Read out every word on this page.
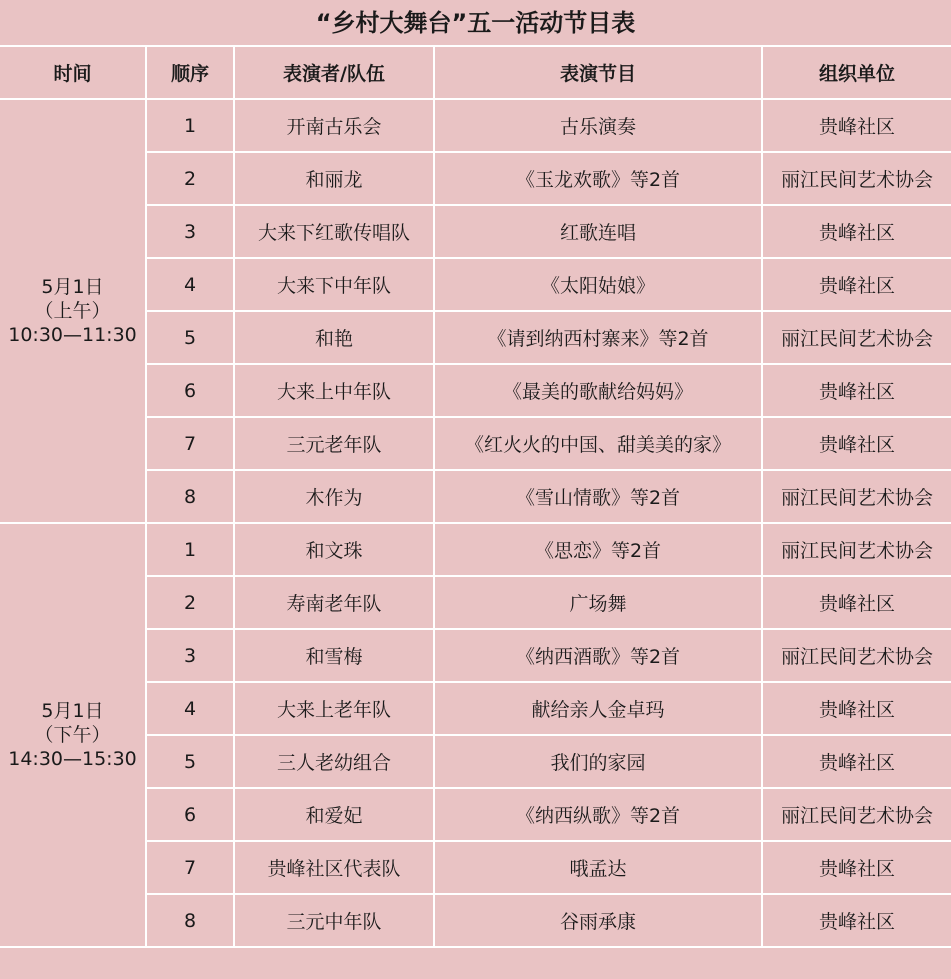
“乡村大舞台”五一活动节目表
时间	顺序	表演者/队伍	表演节目	组织单位

5月1日
（上午）
10:30—11:30	1	开南古乐会	古乐演奏	贵峰社区
	2	和丽龙	《玉龙欢歌》等2首	丽江民间艺术协会
	3	大来下红歌传唱队	红歌连唱	贵峰社区
	4	大来下中年队	《太阳姑娘》	贵峰社区
	5	和艳	《请到纳西村寨来》等2首	丽江民间艺术协会
	6	大来上中年队	《最美的歌献给妈妈》	贵峰社区
	7	三元老年队	《红火火的中国、甜美美的家》	贵峰社区
	8	木作为	《雪山情歌》等2首	丽江民间艺术协会

5月1日
（下午）
14:30—15:30	1	和文珠	《思恋》等2首	丽江民间艺术协会
	2	寿南老年队	广场舞	贵峰社区
	3	和雪梅	《纳西酒歌》等2首	丽江民间艺术协会
	4	大来上老年队	献给亲人金卓玛	贵峰社区
	5	三人老幼组合	我们的家园	贵峰社区
	6	和爱妃	《纳西纵歌》等2首	丽江民间艺术协会
	7	贵峰社区代表队	哦孟达	贵峰社区
	8	三元中年队	谷雨承康	贵峰社区
